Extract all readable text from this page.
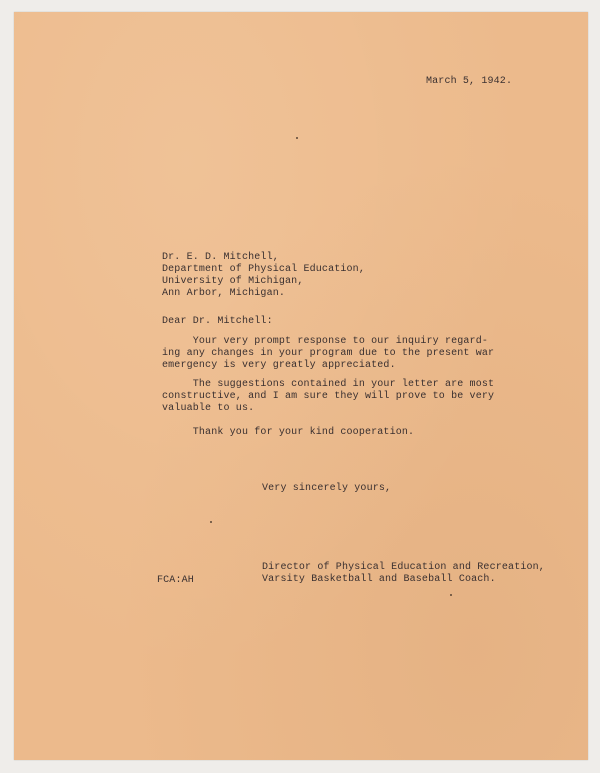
March 5, 1942.
Dr. E. D. Mitchell,
Department of Physical Education,
University of Michigan,
Ann Arbor, Michigan.
Dear Dr. Mitchell:
Your very prompt response to our inquiry regard-
ing any changes in your program due to the present war
emergency is very greatly appreciated.
The suggestions contained in your letter are most
constructive, and I am sure they will prove to be very
valuable to us.
Thank you for your kind cooperation.
Very sincerely yours,
Director of Physical Education and Recreation,
Varsity Basketball and Baseball Coach.
FCA:AH
